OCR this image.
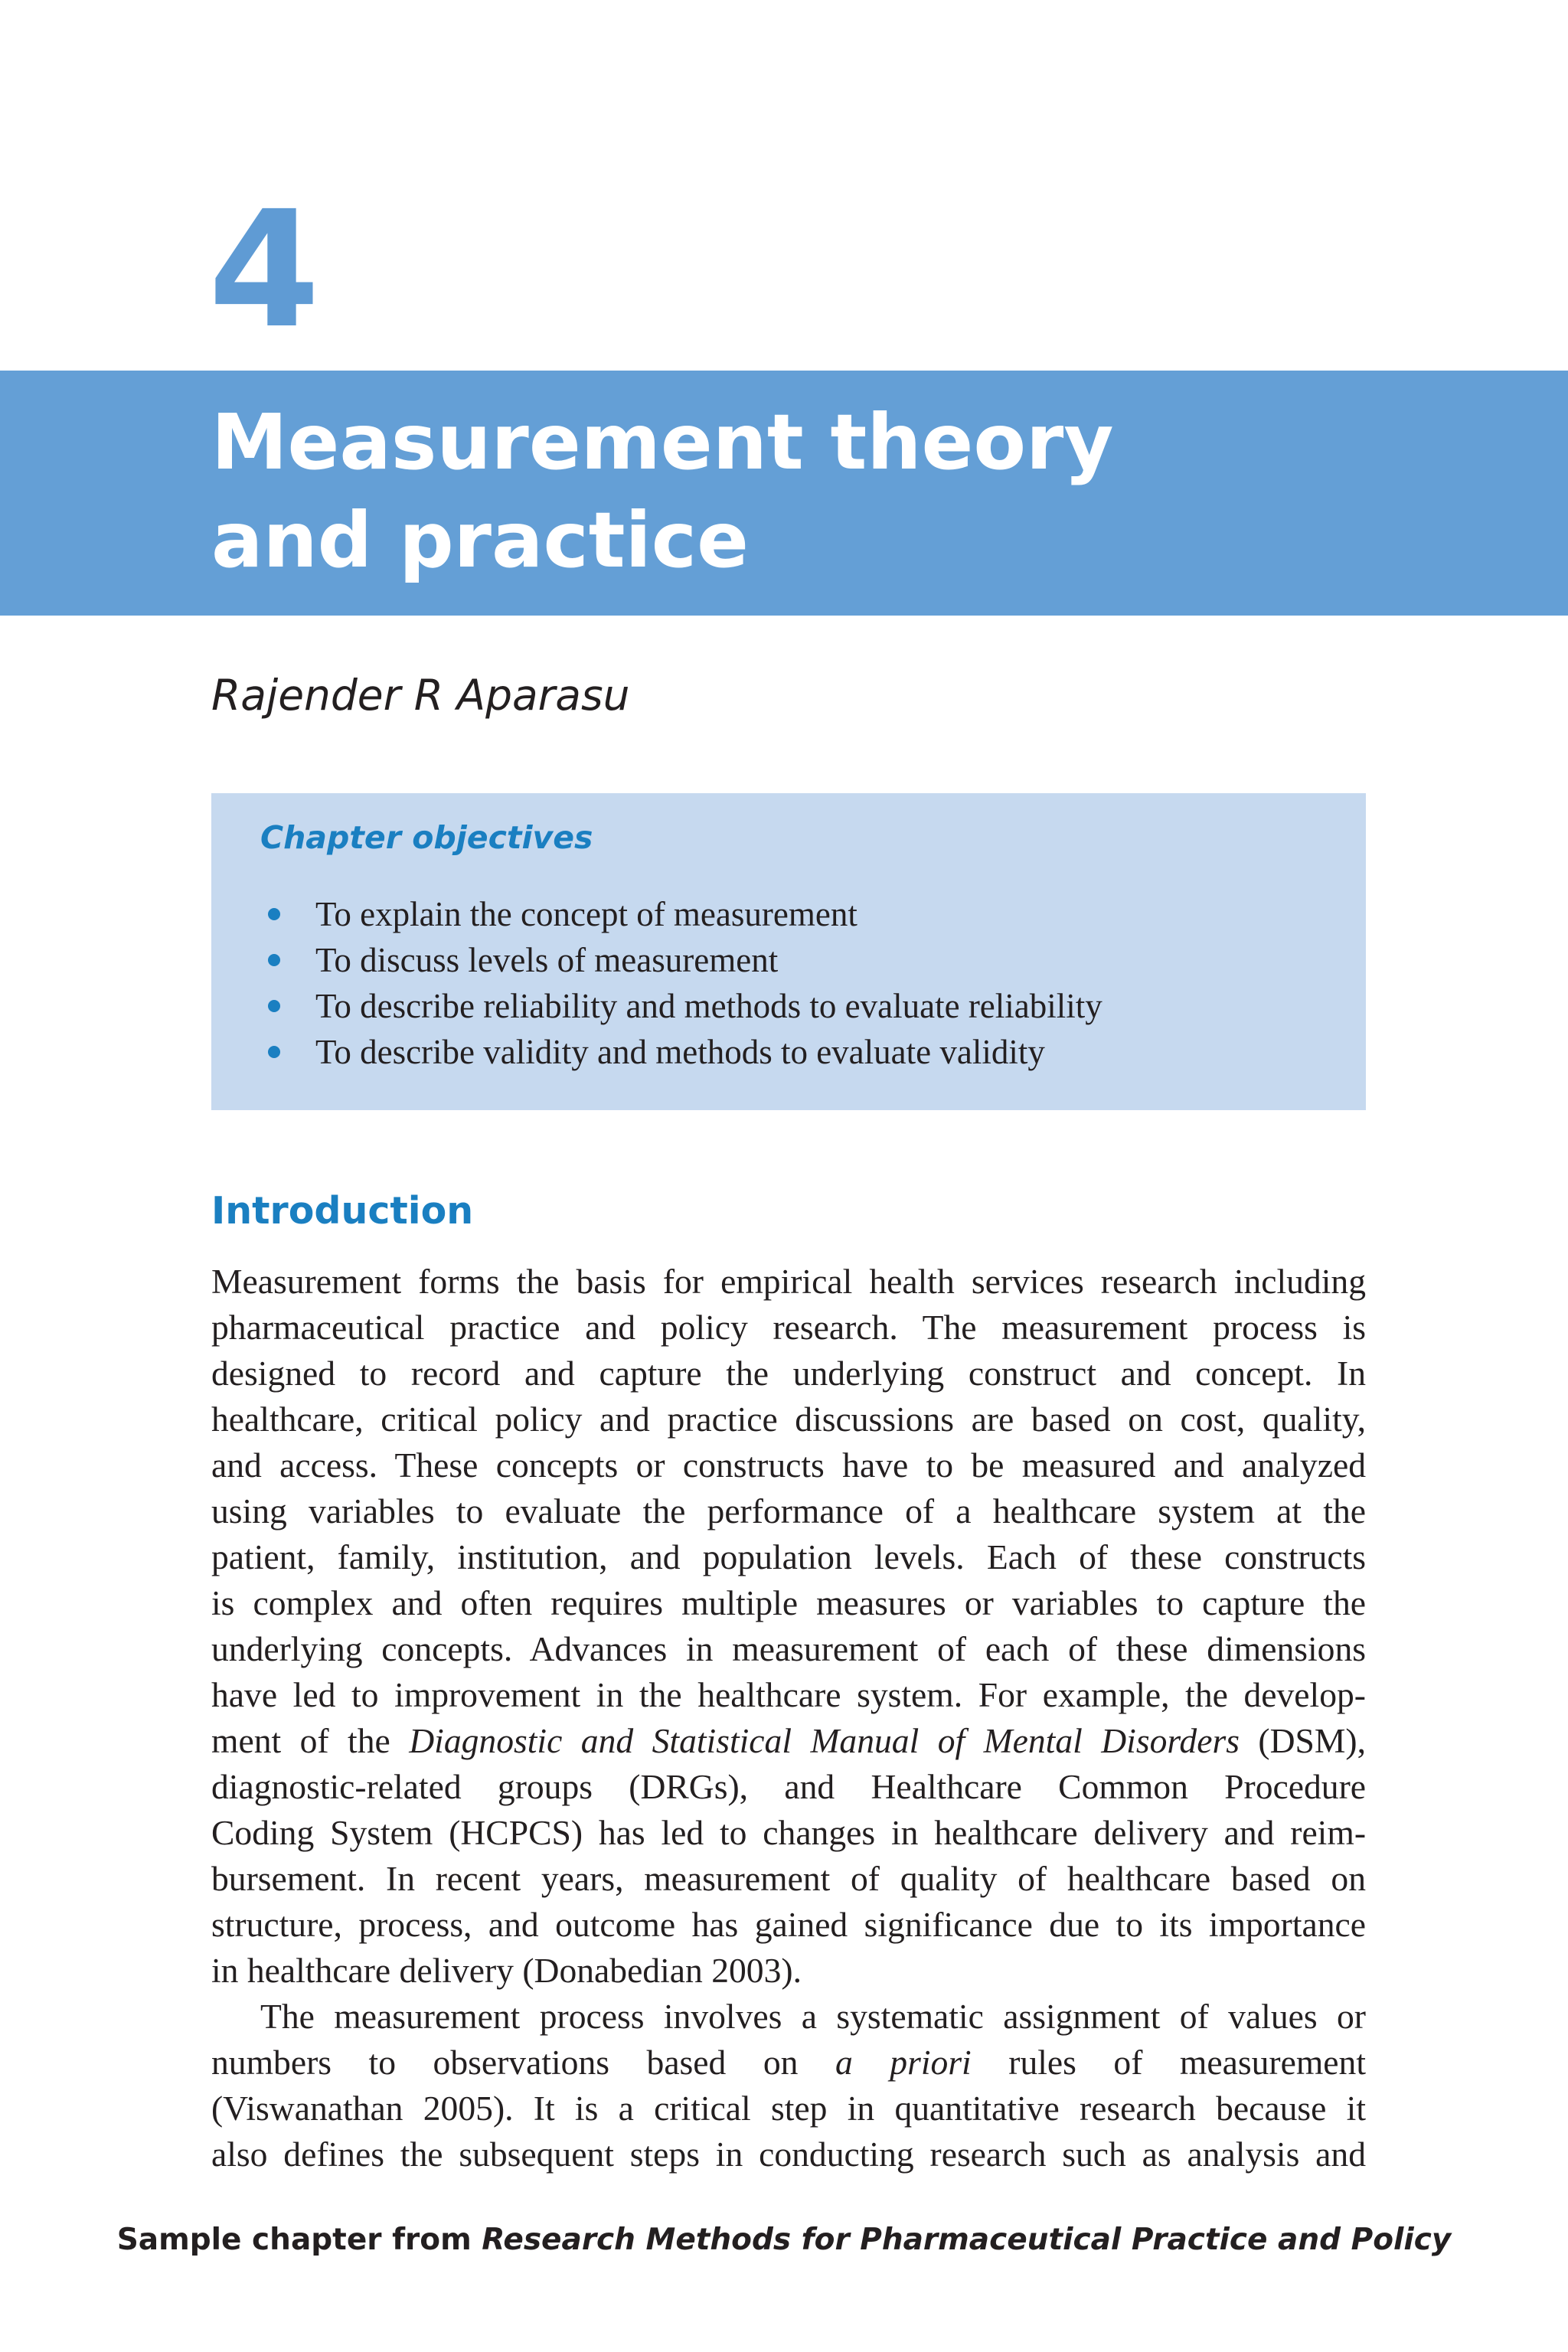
4
Measurement theory
and practice

Rajender R Aparasu

Chapter objectives
To explain the concept of measurement
To discuss levels of measurement
To describe reliability and methods to evaluate reliability
To describe validity and methods to evaluate validity
Introduction
Measurement forms the basis for empirical health services research including
pharmaceutical practice and policy research. The measurement process is
designed to record and capture the underlying construct and concept. In
healthcare, critical policy and practice discussions are based on cost, quality,
and access. These concepts or constructs have to be measured and analyzed
using variables to evaluate the performance of a healthcare system at the
patient, family, institution, and population levels. Each of these constructs
is complex and often requires multiple measures or variables to capture the
underlying concepts. Advances in measurement of each of these dimensions
have led to improvement in the healthcare system. For example, the develop-
ment of the Diagnostic and Statistical Manual of Mental Disorders (DSM),
diagnostic-related groups (DRGs), and Healthcare Common Procedure
Coding System (HCPCS) has led to changes in healthcare delivery and reim-
bursement. In recent years, measurement of quality of healthcare based on
structure, process, and outcome has gained significance due to its importance
in healthcare delivery (Donabedian 2003).
The measurement process involves a systematic assignment of values or
numbers to observations based on a priori rules of measurement
(Viswanathan 2005). It is a critical step in quantitative research because it
also defines the subsequent steps in conducting research such as analysis and

Sample chapter from Research Methods for Pharmaceutical Practice and Policy
